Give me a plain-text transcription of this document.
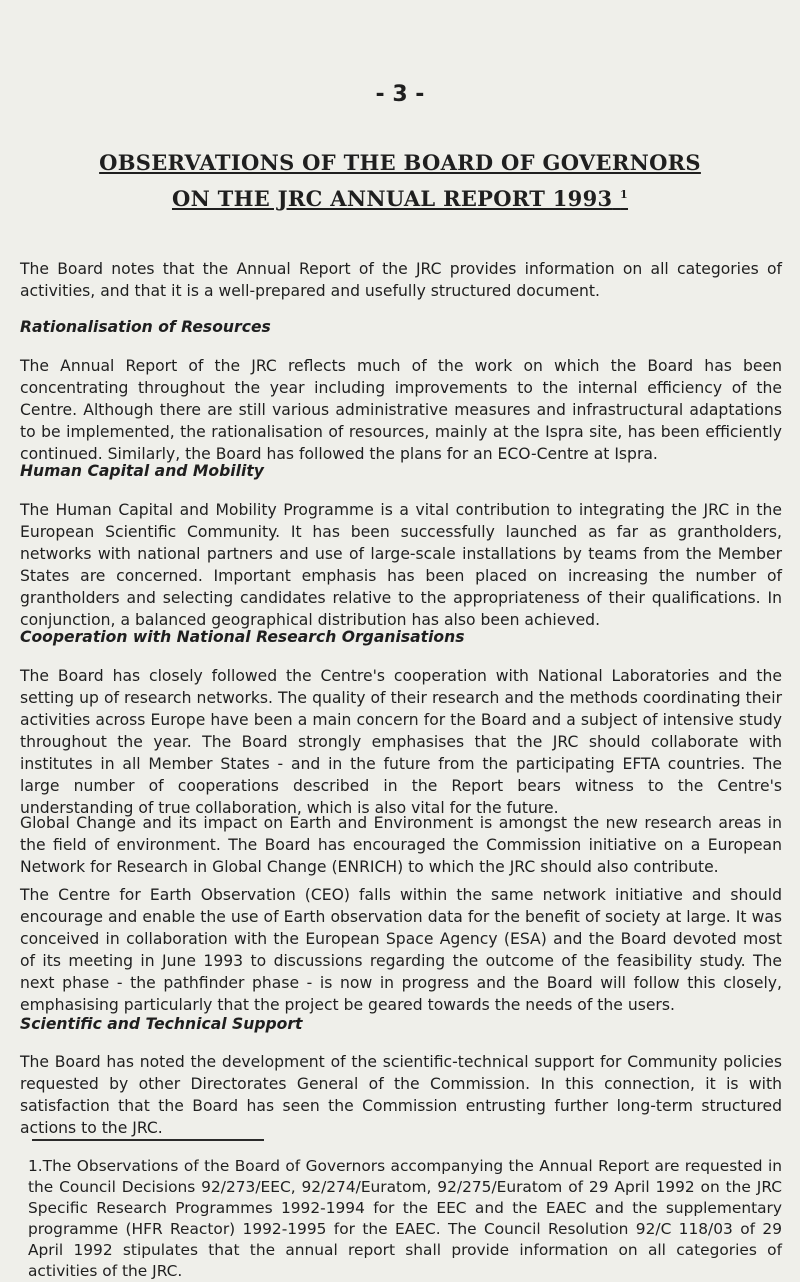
- 3 -
OBSERVATIONS OF THE BOARD OF GOVERNORS
ON THE JRC ANNUAL REPORT 1993 $^1$
The Board notes that the Annual Report of the JRC provides information on all categories of activities, and that it is a well-prepared and usefully structured document.
Rationalisation of Resources
The Annual Report of the JRC reflects much of the work on which the Board has been concentrating throughout the year including improvements to the internal efficiency of the Centre. Although there are still various administrative measures and infrastructural adaptations to be implemented, the rationalisation of resources, mainly at the Ispra site, has been efficiently continued. Similarly, the Board has followed the plans for an ECO-Centre at Ispra.
Human Capital and Mobility
The Human Capital and Mobility Programme is a vital contribution to integrating the JRC in the European Scientific Community. It has been successfully launched as far as grantholders, networks with national partners and use of large-scale installations by teams from the Member States are concerned. Important emphasis has been placed on increasing the number of grantholders and selecting candidates relative to the appropriateness of their qualifications. In conjunction, a balanced geographical distribution has also been achieved.
Cooperation with National Research Organisations
The Board has closely followed the Centre's cooperation with National Laboratories and the setting up of research networks. The quality of their research and the methods coordinating their activities across Europe have been a main concern for the Board and a subject of intensive study throughout the year. The Board strongly emphasises that the JRC should collaborate with institutes in all Member States - and in the future from the participating EFTA countries. The large number of cooperations described in the Report bears witness to the Centre's understanding of true collaboration, which is also vital for the future.
Global Change and its impact on Earth and Environment is amongst the new research areas in the field of environment. The Board has encouraged the Commission initiative on a European Network for Research in Global Change (ENRICH) to which the JRC should also contribute.
The Centre for Earth Observation (CEO) falls within the same network initiative and should encourage and enable the use of Earth observation data for the benefit of society at large. It was conceived in collaboration with the European Space Agency (ESA) and the Board devoted most of its meeting in June 1993 to discussions regarding the outcome of the feasibility study. The next phase - the pathfinder phase - is now in progress and the Board will follow this closely, emphasising particularly that the project be geared towards the needs of the users.
Scientific and Technical Support
The Board has noted the development of the scientific-technical support for Community policies requested by other Directorates General of the Commission. In this connection, it is with satisfaction that the Board has seen the Commission entrusting further long-term structured actions to the JRC.
1.The Observations of the Board of Governors accompanying the Annual Report are requested in the Council Decisions 92/273/EEC, 92/274/Euratom, 92/275/Euratom of 29 April 1992 on the JRC Specific Research Programmes 1992-1994 for the EEC and the EAEC and the supplementary programme (HFR Reactor) 1992-1995 for the EAEC. The Council Resolution 92/C 118/03 of 29 April 1992 stipulates that the annual report shall provide information on all categories of activities of the JRC.
